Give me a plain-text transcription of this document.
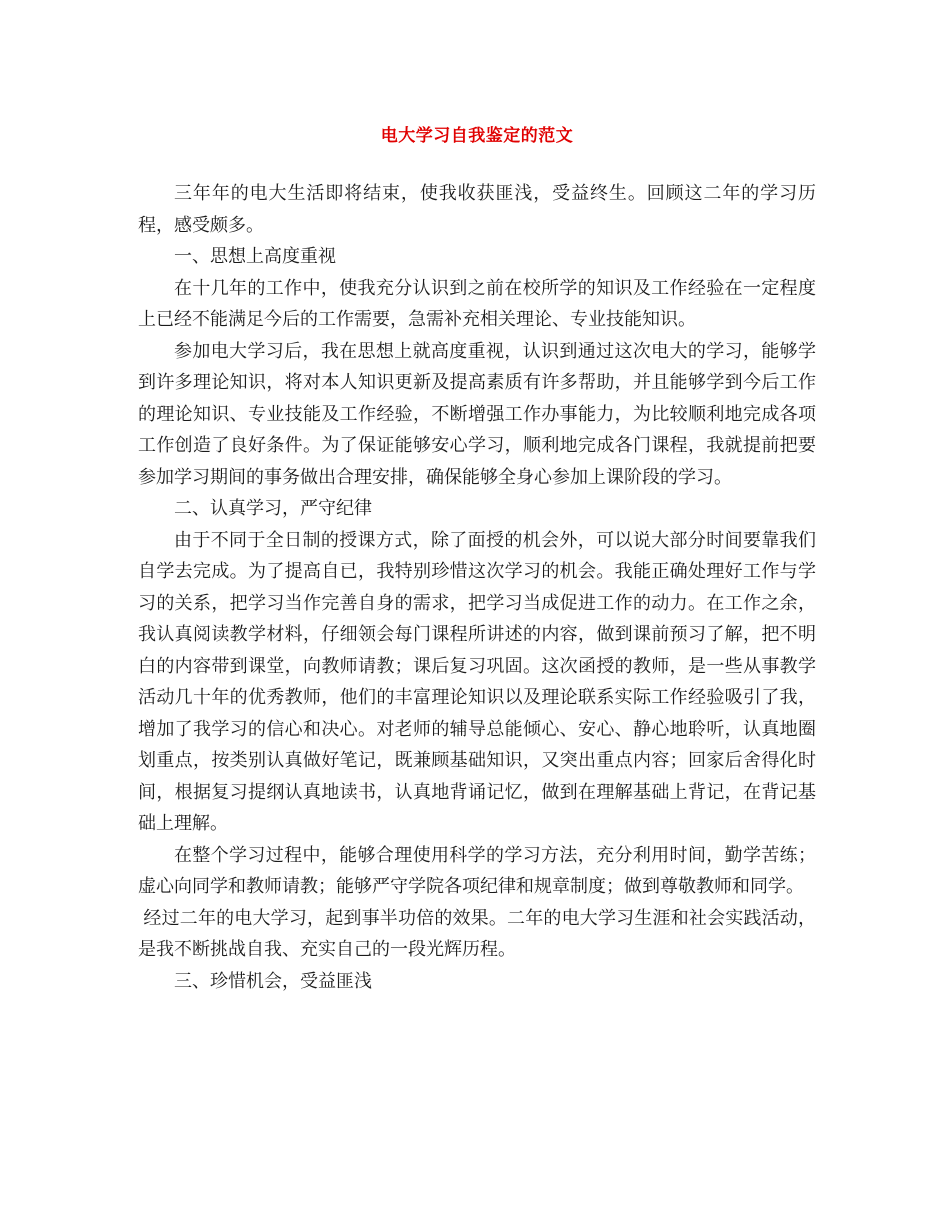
电大学习自我鉴定的范文

三年年的电大生活即将结束，使我收获匪浅，受益终生。回顾这二年的学习历程，感受颇多。

一、思想上高度重视

在十几年的工作中，使我充分认识到之前在校所学的知识及工作经验在一定程度上已经不能满足今后的工作需要，急需补充相关理论、专业技能知识。

参加电大学习后，我在思想上就高度重视，认识到通过这次电大的学习，能够学到许多理论知识，将对本人知识更新及提高素质有许多帮助，并且能够学到今后工作的理论知识、专业技能及工作经验，不断增强工作办事能力，为比较顺利地完成各项工作创造了良好条件。为了保证能够安心学习，顺利地完成各门课程，我就提前把要参加学习期间的事务做出合理安排，确保能够全身心参加上课阶段的学习。

二、认真学习，严守纪律

由于不同于全日制的授课方式，除了面授的机会外，可以说大部分时间要靠我们自学去完成。为了提高自已，我特别珍惜这次学习的机会。我能正确处理好工作与学习的关系，把学习当作完善自身的需求，把学习当成促进工作的动力。在工作之余，我认真阅读教学材料，仔细领会每门课程所讲述的内容，做到课前预习了解，把不明白的内容带到课堂，向教师请教；课后复习巩固。这次函授的教师，是一些从事教学活动几十年的优秀教师，他们的丰富理论知识以及理论联系实际工作经验吸引了我，增加了我学习的信心和决心。对老师的辅导总能倾心、安心、静心地聆听，认真地圈划重点，按类别认真做好笔记，既兼顾基础知识，又突出重点内容；回家后舍得化时间，根据复习提纲认真地读书，认真地背诵记忆，做到在理解基础上背记，在背记基础上理解。

在整个学习过程中，能够合理使用科学的学习方法，充分利用时间，勤学苦练；虚心向同学和教师请教；能够严守学院各项纪律和规章制度；做到尊敬教师和同学。

经过二年的电大学习，起到事半功倍的效果。二年的电大学习生涯和社会实践活动，是我不断挑战自我、充实自己的一段光辉历程。

三、珍惜机会，受益匪浅
